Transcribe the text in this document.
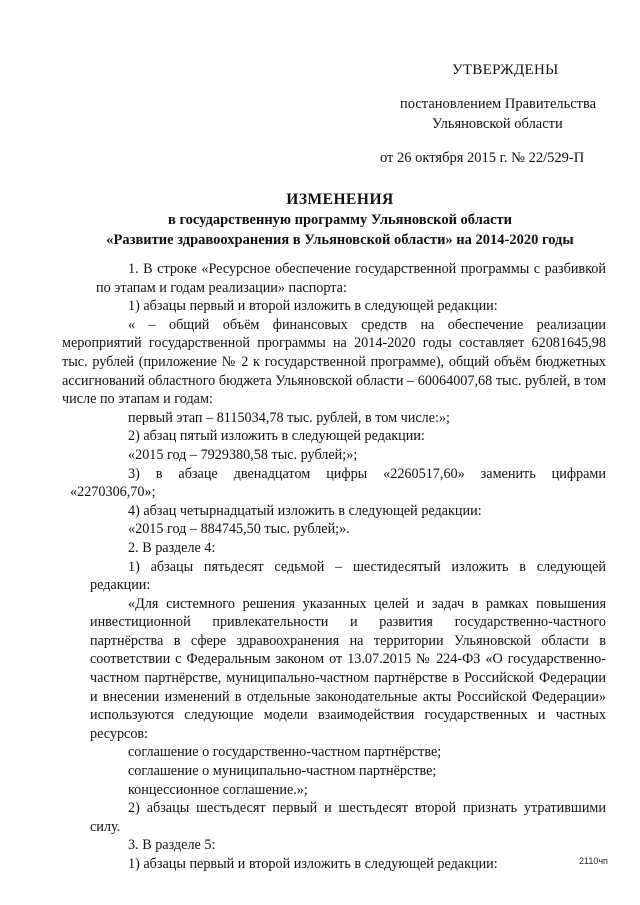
УТВЕРЖДЕНЫ
постановлением Правительства
Ульяновской области
от 26 октября 2015 г. № 22/529-П
ИЗМЕНЕНИЯ
в государственную программу Ульяновской области
«Развитие здравоохранения в Ульяновской области» на 2014-2020 годы

1. В строке «Ресурсное обеспечение государственной программы с разбивкой по этапам и годам реализации» паспорта:

1) абзацы первый и второй изложить в следующей редакции:

« – общий объём финансовых средств на обеспечение реализации мероприятий государственной программы на 2014-2020 годы составляет 62081645,98 тыс. рублей (приложение № 2 к государственной программе), общий объём бюджетных ассигнований областного бюджета Ульяновской области – 60064007,68 тыс. рублей, в том числе по этапам и годам:

первый этап – 8115034,78 тыс. рублей, в том числе:»;

2) абзац пятый изложить в следующей редакции:

«2015 год – 7929380,58 тыс. рублей;»;

3) в абзаце двенадцатом цифры «2260517,60» заменить цифрами «2270306,70»;

4) абзац четырнадцатый изложить в следующей редакции:

«2015 год – 884745,50 тыс. рублей;».

2. В разделе 4:

1) абзацы пятьдесят седьмой – шестидесятый изложить в следующей редакции:

«Для системного решения указанных целей и задач в рамках повышения инвестиционной привлекательности и развития государственно-частного партнёрства в сфере здравоохранения на территории Ульяновской области в соответствии с Федеральным законом от 13.07.2015 № 224-ФЗ «О государственно-частном партнёрстве, муниципально-частном партнёрстве в Российской Федерации и внесении изменений в отдельные законодательные акты Российской Федерации» используются следующие модели взаимодействия государственных и частных ресурсов:

соглашение о государственно-частном партнёрстве;

соглашение о муниципально-частном партнёрстве;

концессионное соглашение.»;

2) абзацы шестьдесят первый и шестьдесят второй признать утратившими силу.

3. В разделе 5:

1) абзацы первый и второй изложить в следующей редакции:	2110чп
